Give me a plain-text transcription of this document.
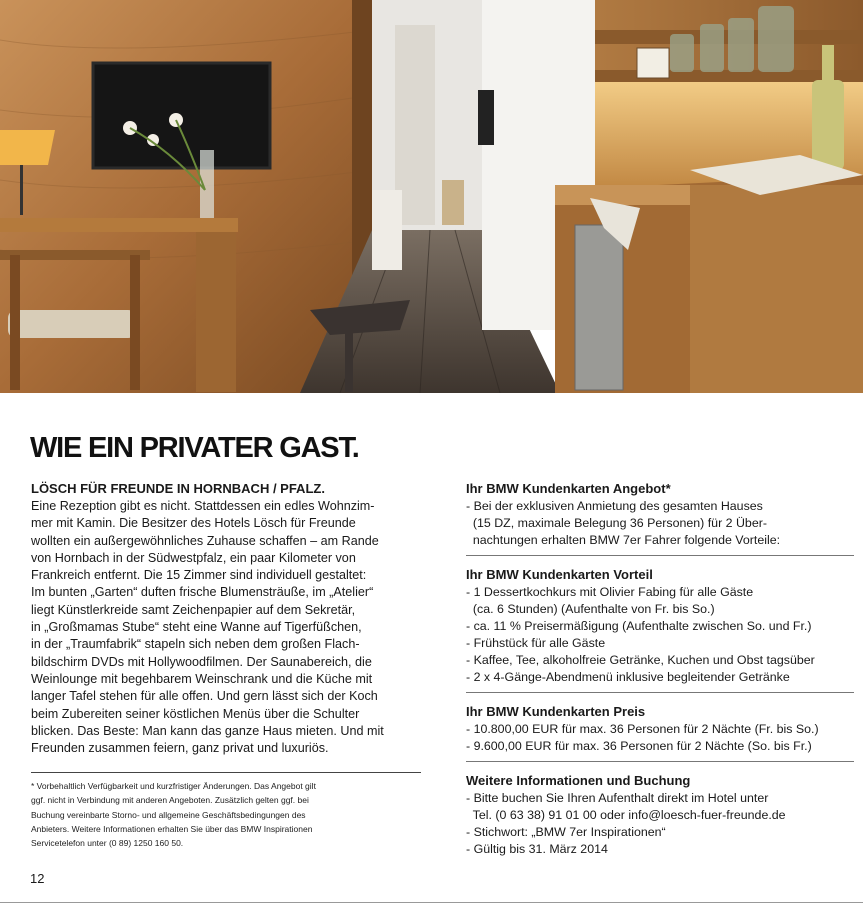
WIE EIN PRIVATER GAST.
LÖSCH FÜR FREUNDE IN HORNBACH / PFALZ.
Eine Rezeption gibt es nicht. Stattdessen ein edles Wohnzim-
mer mit Kamin. Die Besitzer des Hotels Lösch für Freunde
wollten ein außergewöhnliches Zuhause schaffen – am Rande
von Hornbach in der Südwestpfalz, ein paar Kilometer von
Frankreich entfernt. Die 15 Zimmer sind individuell gestaltet:
Im bunten „Garten“ duften frische Blumensträuße, im „Atelier“
liegt Künstlerkreide samt Zeichenpapier auf dem Sekretär,
in „Großmamas Stube“ steht eine Wanne auf Tigerfüßchen,
in der „Traumfabrik“ stapeln sich neben dem großen Flach-
bildschirm DVDs mit Hollywoodfilmen. Der Saunabereich, die
Weinlounge mit begehbarem Weinschrank und die Küche mit
langer Tafel stehen für alle offen. Und gern lässt sich der Koch
beim Zubereiten seiner köstlichen Menüs über die Schulter
blicken. Das Beste: Man kann das ganze Haus mieten. Und mit
Freunden zusammen feiern, ganz privat und luxuriös.
* Vorbehaltlich Verfügbarkeit und kurzfristiger Änderungen. Das Angebot gilt
ggf. nicht in Verbindung mit anderen Angeboten. Zusätzlich gelten ggf. bei
Buchung vereinbarte Storno- und allgemeine Geschäftsbedingungen des
Anbieters. Weitere Informationen erhalten Sie über das BMW Inspirationen
Servicetelefon unter (0 89) 1250 160 50.
12
Ihr BMW Kundenkarten Angebot*
- Bei der exklusiven Anmietung des gesamten Hauses
(15 DZ, maximale Belegung 36 Personen) für 2 Über-
nachtungen erhalten BMW 7er Fahrer folgende Vorteile:
Ihr BMW Kundenkarten Vorteil
- 1 Dessertkochkurs mit Olivier Fabing für alle Gäste
(ca. 6 Stunden) (Aufenthalte von Fr. bis So.)
- ca. 11 % Preisermäßigung (Aufenthalte zwischen So. und Fr.)
- Frühstück für alle Gäste
- Kaffee, Tee, alkoholfreie Getränke, Kuchen und Obst tagsüber
- 2 x 4-Gänge-Abendmenü inklusive begleitender Getränke
Ihr BMW Kundenkarten Preis
- 10.800,00 EUR für max. 36 Personen für 2 Nächte (Fr. bis So.)
- 9.600,00 EUR für max. 36 Personen für 2 Nächte (So. bis Fr.)
Weitere Informationen und Buchung
- Bitte buchen Sie Ihren Aufenthalt direkt im Hotel unter
Tel. (0 63 38) 91 01 00 oder info@loesch-fuer-freunde.de
- Stichwort: „BMW 7er Inspirationen“
- Gültig bis 31. März 2014
